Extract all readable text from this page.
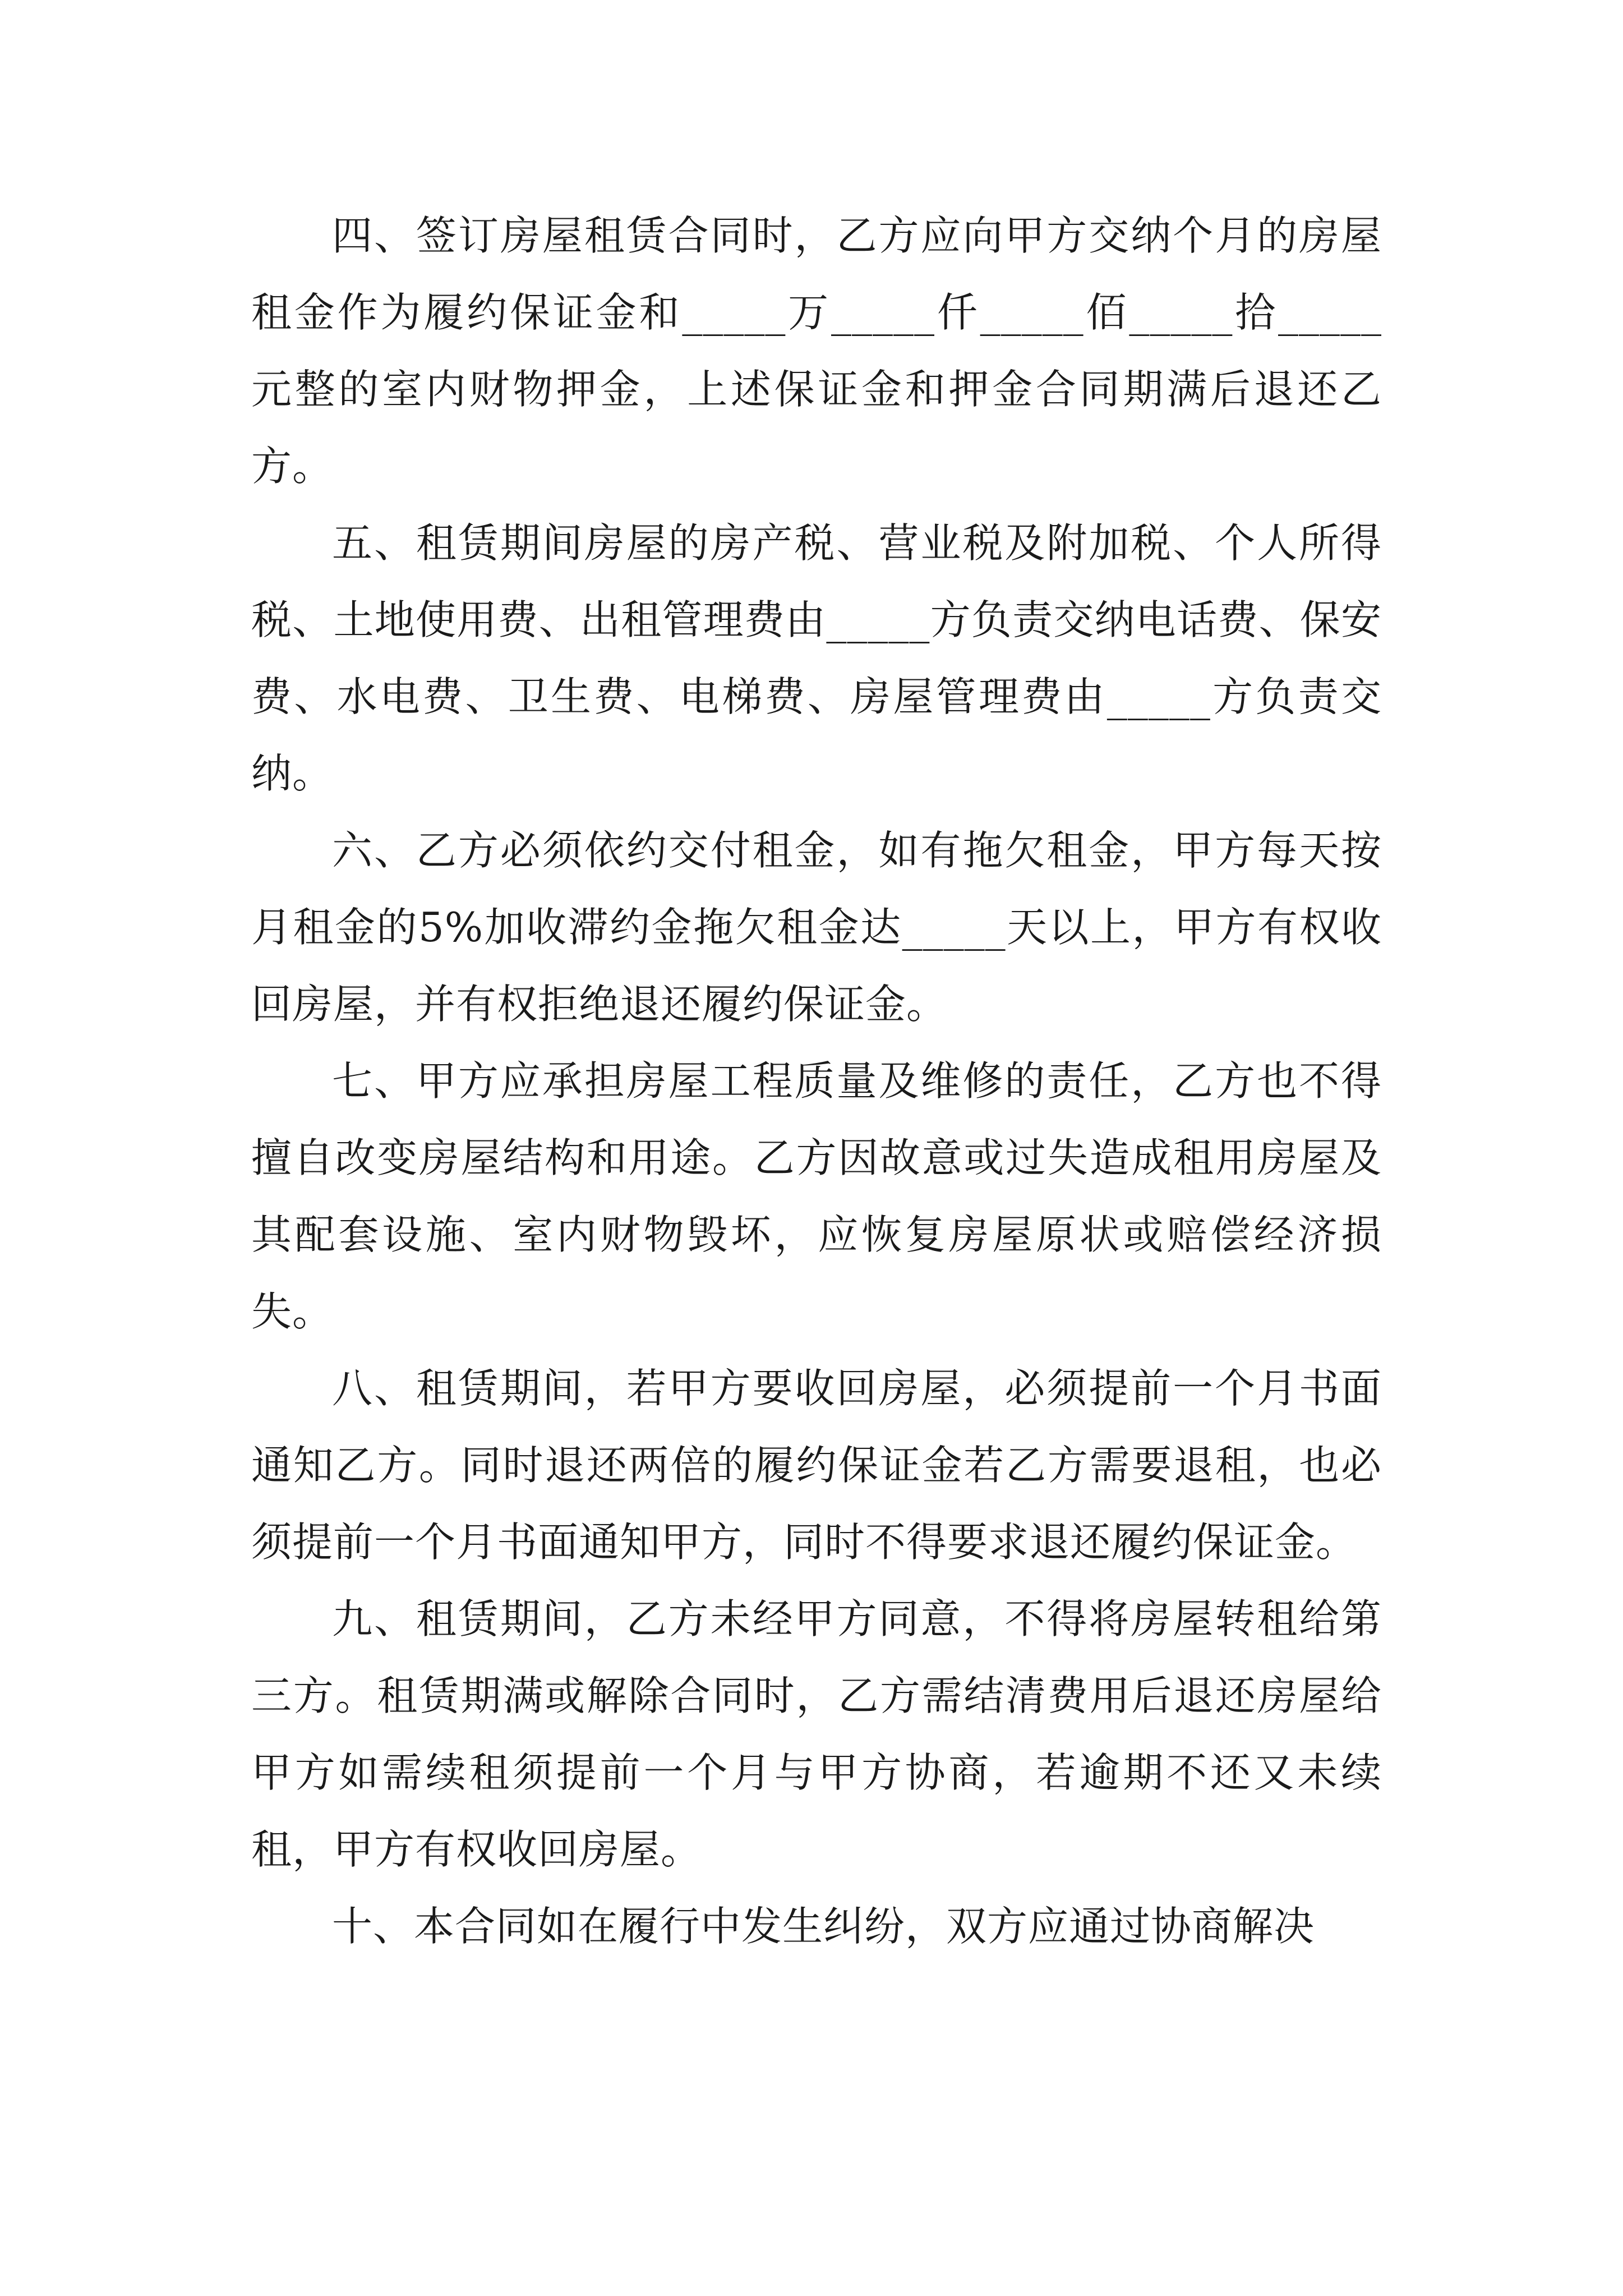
四、签订房屋租赁合同时，乙方应向甲方交纳个月的房屋租金作为履约保证金和_____万_____仟_____佰_____拾_____元整的室内财物押金，上述保证金和押金合同期满后退还乙方。

五、租赁期间房屋的房产税、营业税及附加税、个人所得税、土地使用费、出租管理费由_____方负责交纳电话费、保安费、水电费、卫生费、电梯费、房屋管理费由_____方负责交纳。

六、乙方必须依约交付租金，如有拖欠租金，甲方每天按月租金的5%加收滞约金拖欠租金达_____天以上，甲方有权收回房屋，并有权拒绝退还履约保证金。

七、甲方应承担房屋工程质量及维修的责任，乙方也不得擅自改变房屋结构和用途。乙方因故意或过失造成租用房屋及其配套设施、室内财物毁坏，应恢复房屋原状或赔偿经济损失。

八、租赁期间，若甲方要收回房屋，必须提前一个月书面通知乙方。同时退还两倍的履约保证金若乙方需要退租，也必须提前一个月书面通知甲方，同时不得要求退还履约保证金。

九、租赁期间，乙方未经甲方同意，不得将房屋转租给第三方。租赁期满或解除合同时，乙方需结清费用后退还房屋给甲方如需续租须提前一个月与甲方协商，若逾期不还又未续租，甲方有权收回房屋。

十、本合同如在履行中发生纠纷，双方应通过协商解决
